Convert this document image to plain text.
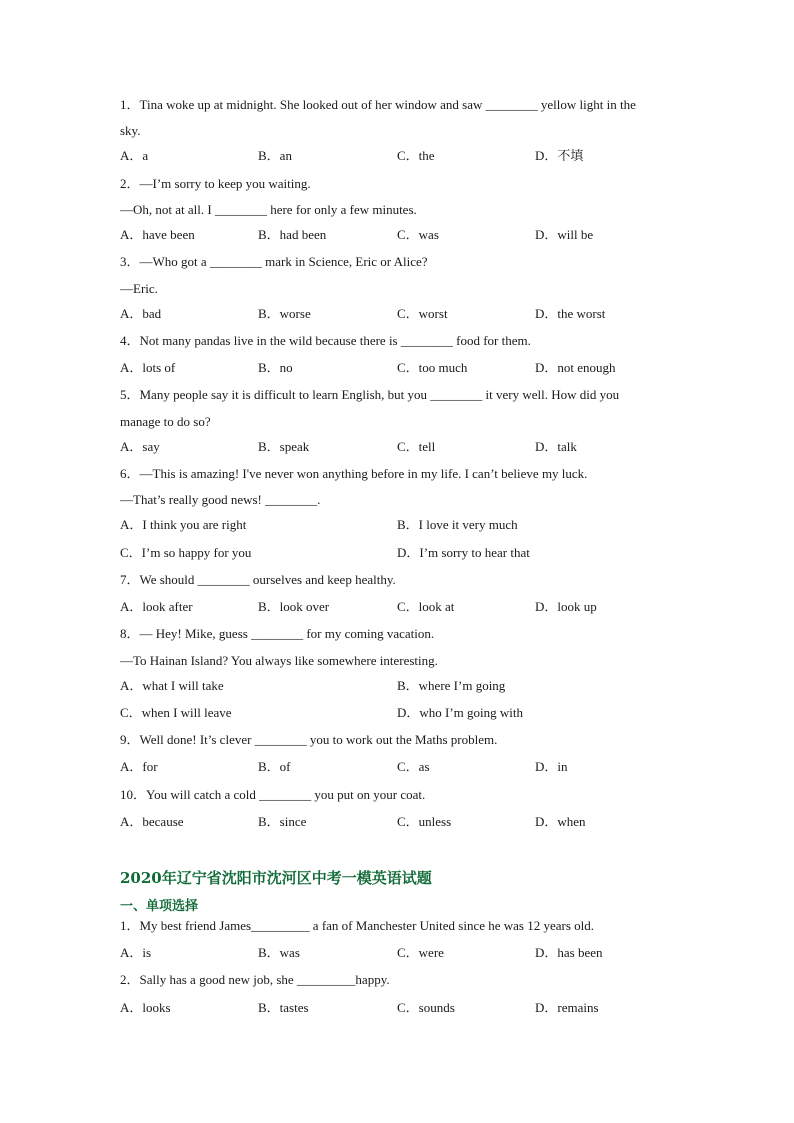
1．Tina woke up at midnight. She looked out of her window and saw ________ yellow light in the
sky.
A．a	B．an	C．the	D．不填
2．—I’m sorry to keep you waiting.
—Oh, not at all. I ________ here for only a few minutes.
A．have been	B．had been	C．was	D．will be
3．—Who got a ________ mark in Science, Eric or Alice?
—Eric.
A．bad	B．worse	C．worst	D．the worst
4．Not many pandas live in the wild because there is ________ food for them.
A．lots of	B．no	C．too much	D．not enough
5．Many people say it is difficult to learn English, but you ________ it very well. How did you
manage to do so?
A．say	B．speak	C．tell	D．talk
6．—This is amazing! I've never won anything before in my life. I can’t believe my luck.
—That’s really good news! ________.
A．I think you are right	B．I love it very much
C．I’m so happy for you	D．I’m sorry to hear that
7．We should ________ ourselves and keep healthy.
A．look after	B．look over	C．look at	D．look up
8．— Hey! Mike, guess ________ for my coming vacation.
—To Hainan Island? You always like somewhere interesting.
A．what I will take	B．where I’m going
C．when I will leave	D．who I’m going with
9．Well done! It’s clever ________ you to work out the Maths problem.
A．for	B．of	C．as	D．in
10．You will catch a cold ________ you put on your coat.
A．because	B．since	C．unless	D．when
2020年辽宁省沈阳市沈河区中考一模英语试题
一、单项选择
1．My best friend James_________ a fan of Manchester United since he was 12 years old.
A．is	B．was	C．were	D．has been
2．Sally has a good new job, she _________happy.
A．looks	B．tastes	C．sounds	D．remains
